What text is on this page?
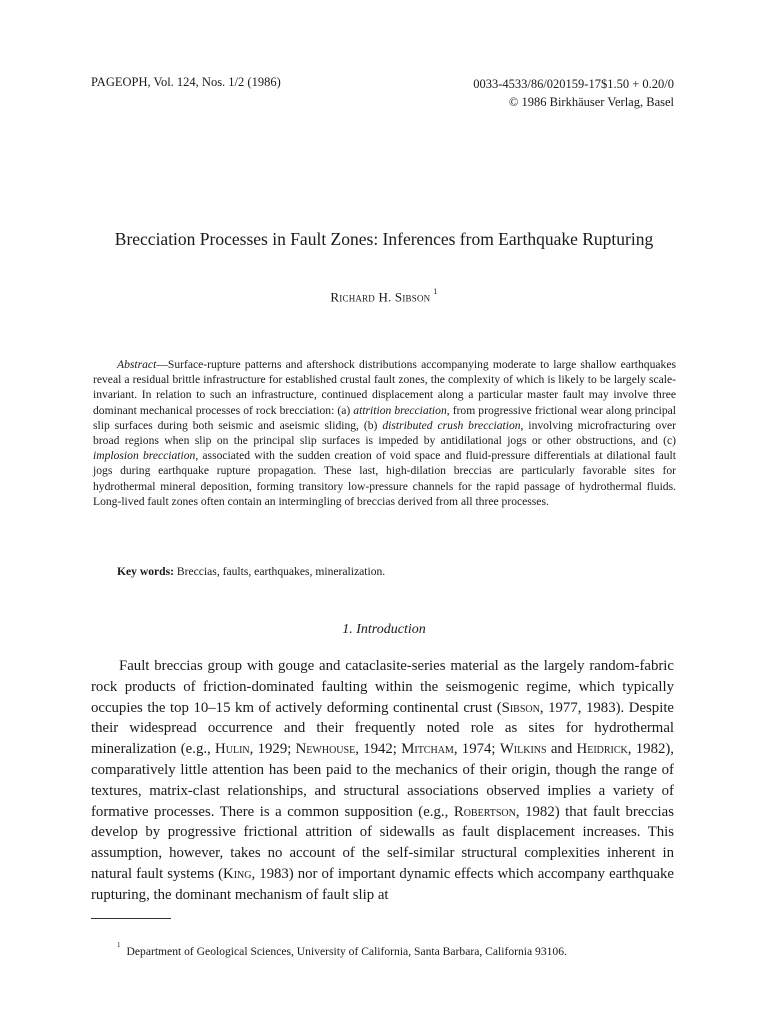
PAGEOPH, Vol. 124, Nos. 1/2 (1986)	0033-4533/86/020159-17$1.50 + 0.20/0
© 1986 Birkhäuser Verlag, Basel
Brecciation Processes in Fault Zones: Inferences from Earthquake Rupturing
Richard H. Sibson $^1$
Abstract—Surface-rupture patterns and aftershock distributions accompanying moderate to large shallow earthquakes reveal a residual brittle infrastructure for established crustal fault zones, the complexity of which is likely to be largely scale-invariant. In relation to such an infrastructure, continued displacement along a particular master fault may involve three dominant mechanical processes of rock brecciation: (a) attrition brecciation, from progressive frictional wear along principal slip surfaces during both seismic and aseismic sliding, (b) distributed crush brecciation, involving microfracturing over broad regions when slip on the principal slip surfaces is impeded by antidilational jogs or other obstructions, and (c) implosion brecciation, associated with the sudden creation of void space and fluid-pressure differentials at dilational fault jogs during earthquake rupture propagation. These last, high-dilation breccias are particularly favorable sites for hydrothermal mineral deposition, forming transitory low-pressure channels for the rapid passage of hydrothermal fluids. Long-lived fault zones often contain an intermingling of breccias derived from all three processes.
Key words: Breccias, faults, earthquakes, mineralization.
1. Introduction
Fault breccias group with gouge and cataclasite-series material as the largely random-fabric rock products of friction-dominated faulting within the seismogenic regime, which typically occupies the top 10–15 km of actively deforming continental crust (Sibson, 1977, 1983). Despite their widespread occurrence and their frequently noted role as sites for hydrothermal mineralization (e.g., Hulin, 1929; Newhouse, 1942; Mitcham, 1974; Wilkins and Heidrick, 1982), comparatively little attention has been paid to the mechanics of their origin, though the range of textures, matrix-clast relationships, and structural associations observed implies a variety of formative processes. There is a common supposition (e.g., Robertson, 1982) that fault breccias develop by progressive frictional attrition of sidewalls as fault displacement increases. This assumption, however, takes no account of the self-similar structural complexities inherent in natural fault systems (King, 1983) nor of important dynamic effects which accompany earthquake rupturing, the dominant mechanism of fault slip at
$^1$ Department of Geological Sciences, University of California, Santa Barbara, California 93106.
